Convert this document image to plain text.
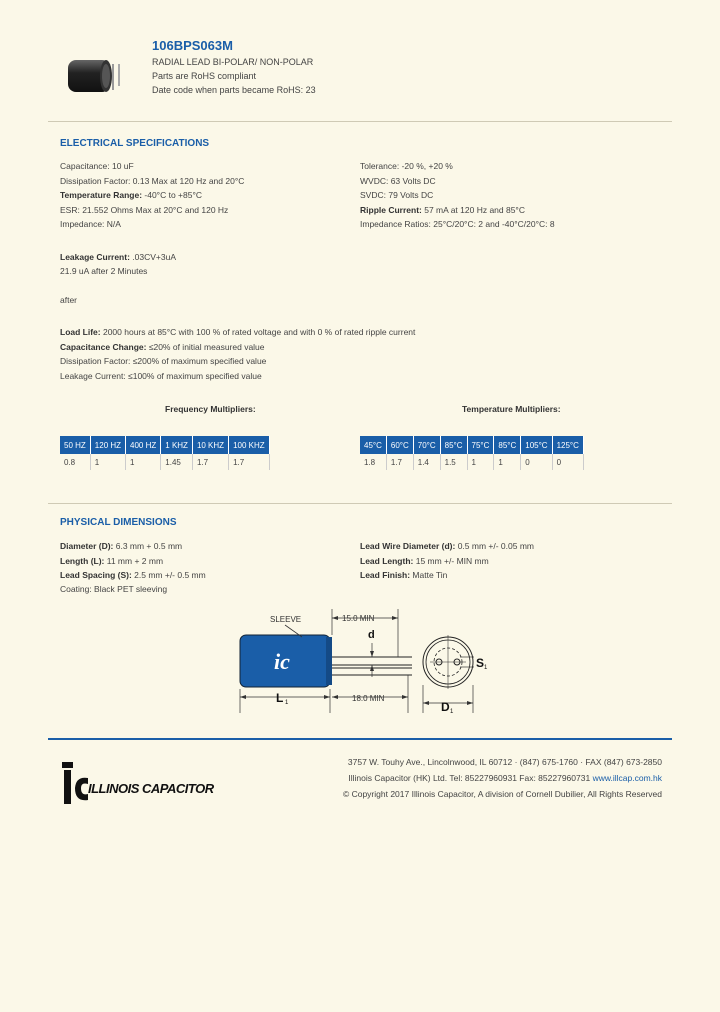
106BPS063M
RADIAL LEAD BI-POLAR/ NON-POLAR
Parts are RoHS compliant
Date code when parts became RoHS: 23
ELECTRICAL SPECIFICATIONS
Capacitance: 10 uF
Dissipation Factor: 0.13 Max at 120 Hz and 20°C
Temperature Range: -40°C to +85°C
ESR: 21.552 Ohms Max at 20°C and 120 Hz
Impedance: N/A
Tolerance: -20 %, +20 %
WVDC: 63 Volts DC
SVDC: 79 Volts DC
Ripple Current: 57 mA at 120 Hz and 85°C
Impedance Ratios: 25°C/20°C: 2 and -40°C/20°C: 8
Leakage Current: .03CV+3uA
21.9 uA after 2 Minutes
after
Load Life: 2000 hours at 85°C with 100 % of rated voltage and with 0 % of rated ripple current
Capacitance Change: ≤20% of initial measured value
Dissipation Factor: ≤200% of maximum specified value
Leakage Current: ≤100% of maximum specified value
Frequency Multipliers:	Temperature Multipliers:
50 HZ	120 HZ	400 HZ	1 KHZ	10 KHZ	100 KHZ
0.8	1	1	1.45	1.7	1.7
45°C	60°C	70°C	85°C	75°C	85°C	105°C	125°C
1.8	1.7	1.4	1.5	1	1	0	0
PHYSICAL DIMENSIONS
Diameter (D): 6.3 mm + 0.5 mm
Length (L): 11 mm + 2 mm
Lead Spacing (S): 2.5 mm +/- 0.5 mm
Lead Wire Diameter (d): 0.5 mm +/- 0.05 mm
Lead Length: 15 mm +/- MIN mm
Lead Finish: Matte Tin
Coating: Black PET sleeving
ic
SLEEVE	15.0 MIN
d
L 1	18.0 MIN
S 1
D 1
ILLINOIS CAPACITOR
3757 W. Touhy Ave., Lincolnwood, IL 60712 · (847) 675-1760 · FAX (847) 673-2850
Illinois Capacitor (HK) Ltd. Tel: 85227960931 Fax: 85227960731 www.illcap.com.hk
© Copyright 2017 Illinois Capacitor, A division of Cornell Dubilier, All Rights Reserved
